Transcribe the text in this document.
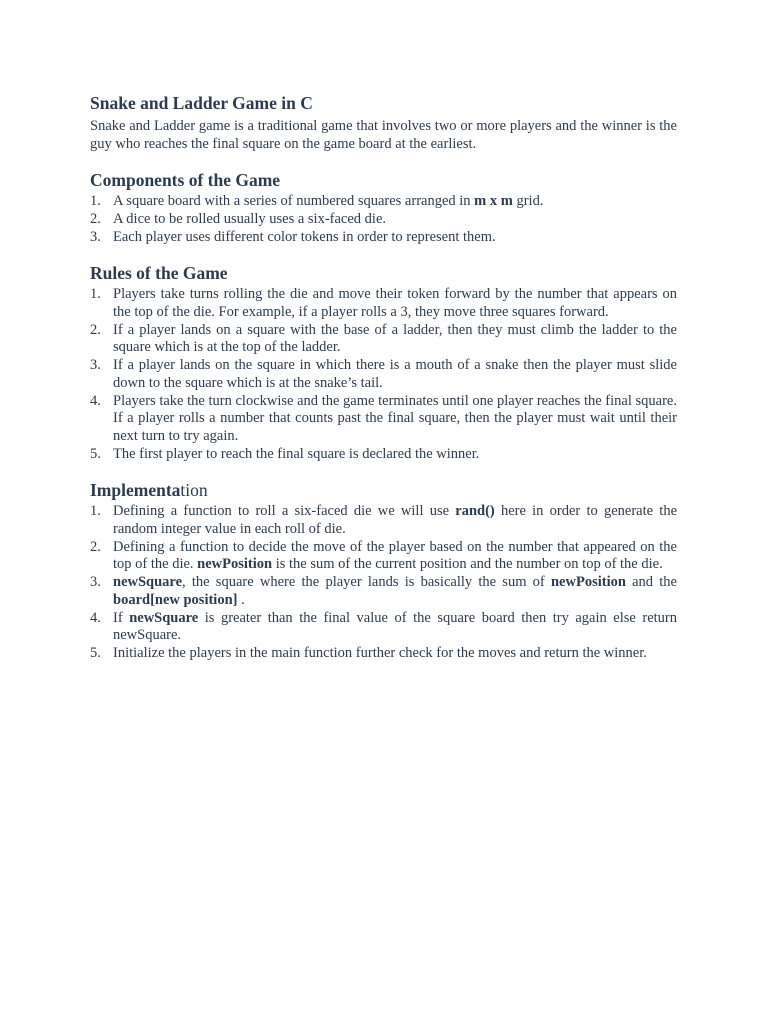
Snake and Ladder Game in C

Snake and Ladder game is a traditional game that involves two or more players and the winner is the guy who reaches the final square on the game board at the earliest.

Components of the Game
1. A square board with a series of numbered squares arranged in m x m grid.
2. A dice to be rolled usually uses a six-faced die.
3. Each player uses different color tokens in order to represent them.
Rules of the Game
1. Players take turns rolling the die and move their token forward by the number that appears on the top of the die. For example, if a player rolls a 3, they move three squares forward.
2. If a player lands on a square with the base of a ladder, then they must climb the ladder to the square which is at the top of the ladder.
3. If a player lands on the square in which there is a mouth of a snake then the player must slide down to the square which is at the snake’s tail.
4. Players take the turn clockwise and the game terminates until one player reaches the final square. If a player rolls a number that counts past the final square, then the player must wait until their next turn to try again.
5. The first player to reach the final square is declared the winner.
Implementation
1. Defining a function to roll a six-faced die we will use rand() here in order to generate the random integer value in each roll of die.
2. Defining a function to decide the move of the player based on the number that appeared on the top of the die. newPosition is the sum of the current position and the number on top of the die.
3. newSquare, the square where the player lands is basically the sum of newPosition and the board[new position] .
4. If newSquare is greater than the final value of the square board then try again else return newSquare.
5. Initialize the players in the main function further check for the moves and return the winner.
